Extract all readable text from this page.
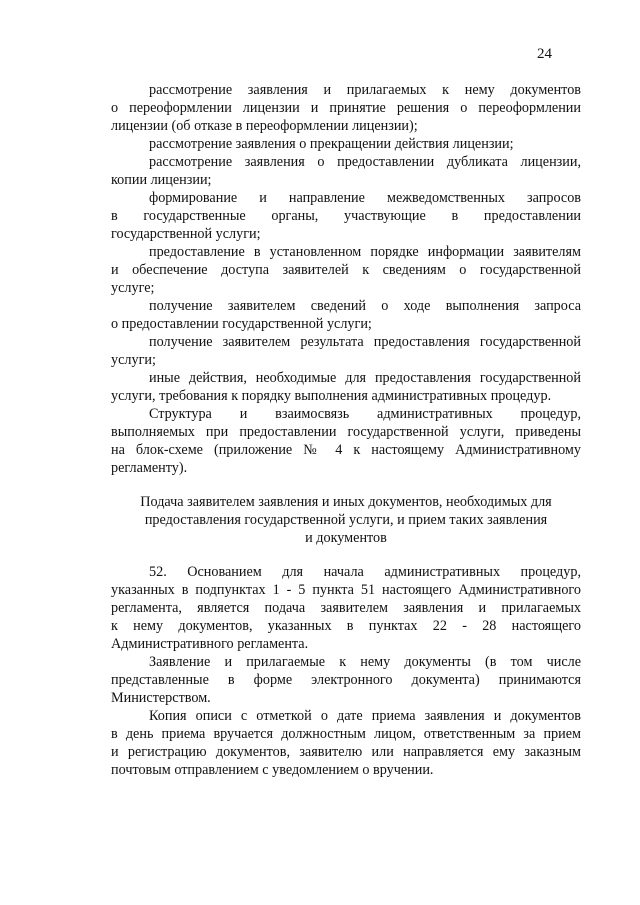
24
рассмотрение заявления и прилагаемых к нему документов
о переоформлении лицензии и принятие решения о переоформлении
лицензии (об отказе в переоформлении лицензии);
рассмотрение заявления о прекращении действия лицензии;
рассмотрение заявления о предоставлении дубликата лицензии,
копии лицензии;
формирование и направление межведомственных запросов
в государственные органы, участвующие в предоставлении
государственной услуги;
предоставление в установленном порядке информации заявителям
и обеспечение доступа заявителей к сведениям о государственной
услуге;
получение заявителем сведений о ходе выполнения запроса
о предоставлении государственной услуги;
получение заявителем результата предоставления государственной
услуги;
иные действия, необходимые для предоставления государственной
услуги, требования к порядку выполнения административных процедур.
Структура и взаимосвязь административных процедур,
выполняемых при предоставлении государственной услуги, приведены
на блок-схеме (приложение № 4 к настоящему Административному
регламенту).
Подача заявителем заявления и иных документов, необходимых для
предоставления государственной услуги, и прием таких заявления
и документов
52. Основанием для начала административных процедур,
указанных в подпунктах 1 - 5 пункта 51 настоящего Административного
регламента, является подача заявителем заявления и прилагаемых
к нему документов, указанных в пунктах 22 - 28 настоящего
Административного регламента.
Заявление и прилагаемые к нему документы (в том числе
представленные в форме электронного документа) принимаются
Министерством.
Копия описи с отметкой о дате приема заявления и документов
в день приема вручается должностным лицом, ответственным за прием
и регистрацию документов, заявителю или направляется ему заказным
почтовым отправлением с уведомлением о вручении.
